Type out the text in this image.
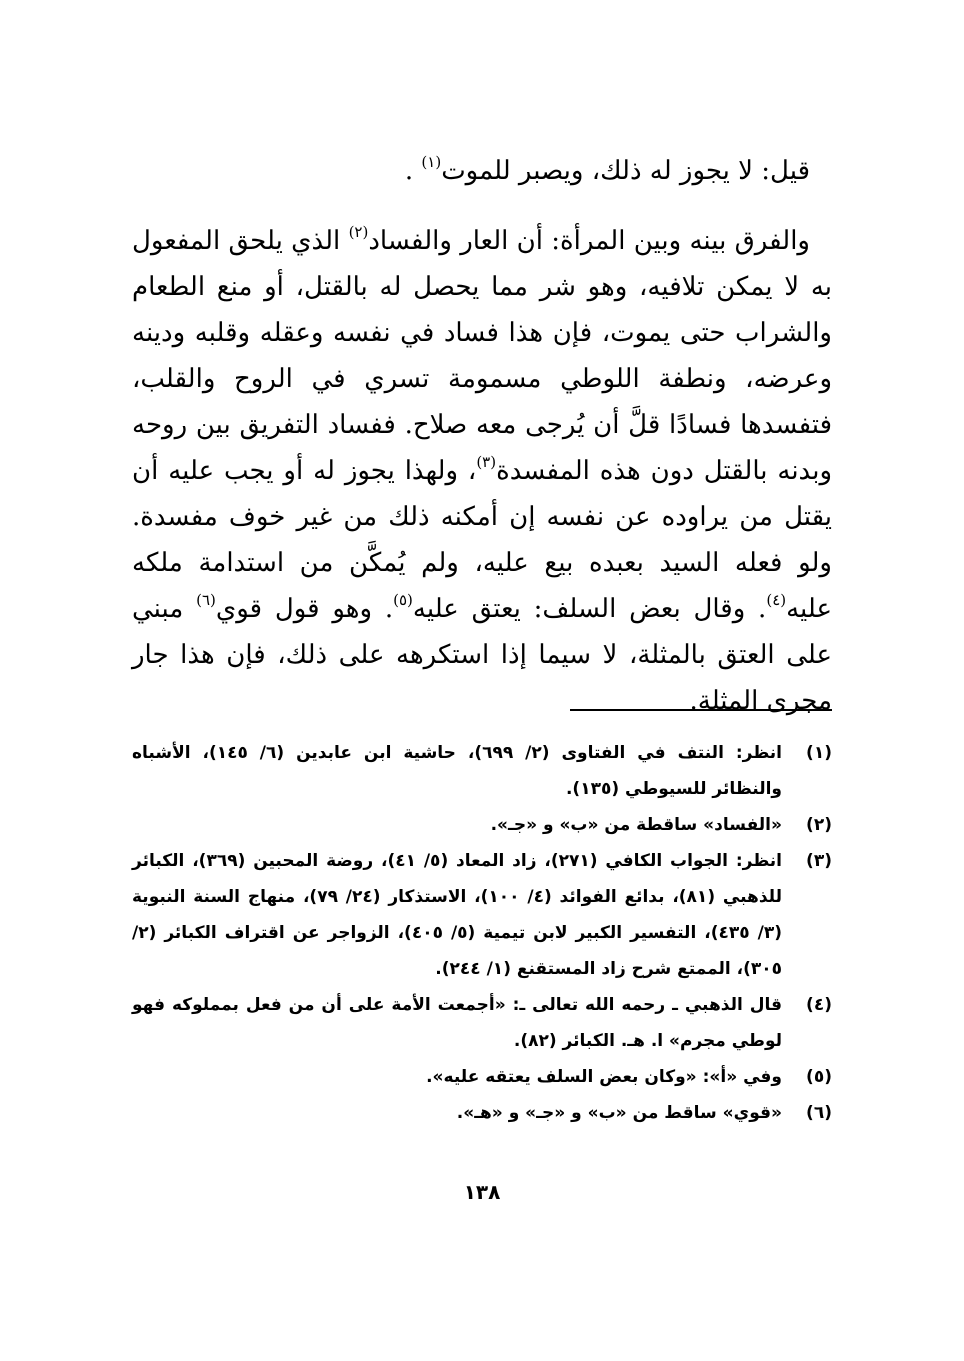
قيل: لا يجوز له ذلك، ويصبر للموت$^{(١)}$ .

والفرق بينه وبين المرأة: أن العار والفساد$^{(٢)}$ الذي يلحق المفعول به لا يمكن تلافيه، وهو شر مما يحصل له بالقتل، أو منع الطعام والشراب حتى يموت، فإن هذا فساد في نفسه وعقله وقلبه ودينه وعرضه، ونطفة اللوطي مسمومة تسري في الروح والقلب، فتفسدها فسادًا قلَّ أن يُرجى معه صلاح. ففساد التفريق بين روحه وبدنه بالقتل دون هذه المفسدة$^{(٣)}$، ولهذا يجوز له أو يجب عليه أن يقتل من يراوده عن نفسه إن أمكنه ذلك من غير خوف مفسدة. ولو فعله السيد بعبده بيع عليه، ولم يُمكَّن من استدامة ملكه عليه$^{(٤)}$. وقال بعض السلف: يعتق عليه$^{(٥)}$. وهو قول قوي$^{(٦)}$ مبني على العتق بالمثلة، لا سيما إذا استكرهه على ذلك، فإن هذا جار مجرى المثلة.

(١)
انظر: النتف في الفتاوى (٢/ ٦٩٩)، حاشية ابن عابدين (٦/ ١٤٥)، الأشباه والنظائر للسيوطي (١٣٥).
(٢)
«الفساد» ساقطة من «ب» و «جـ».
(٣)
انظر: الجواب الكافي (٢٧١)، زاد المعاد (٥/ ٤١)، روضة المحبين (٣٦٩)، الكبائر للذهبي (٨١)، بدائع الفوائد (٤/ ١٠٠)، الاستذكار (٢٤/ ٧٩)، منهاج السنة النبوية (٣/ ٤٣٥)، التفسير الكبير لابن تيمية (٥/ ٤٠٥)، الزواجر عن اقتراف الكبائر (٢/ ٣٠٥)، الممتع شرح زاد المستقنع (١/ ٢٤٤).
(٤)
قال الذهبي ـ رحمه الله تعالى ـ: «أجمعت الأمة على أن من فعل بمملوكه فهو لوطي مجرم» ا. هـ. الكبائر (٨٢).
(٥)
وفي «أ»: «وكان بعض السلف يعتقه عليه».
(٦)
«قوي» ساقط من «ب» و «جـ» و «هـ».
١٣٨
